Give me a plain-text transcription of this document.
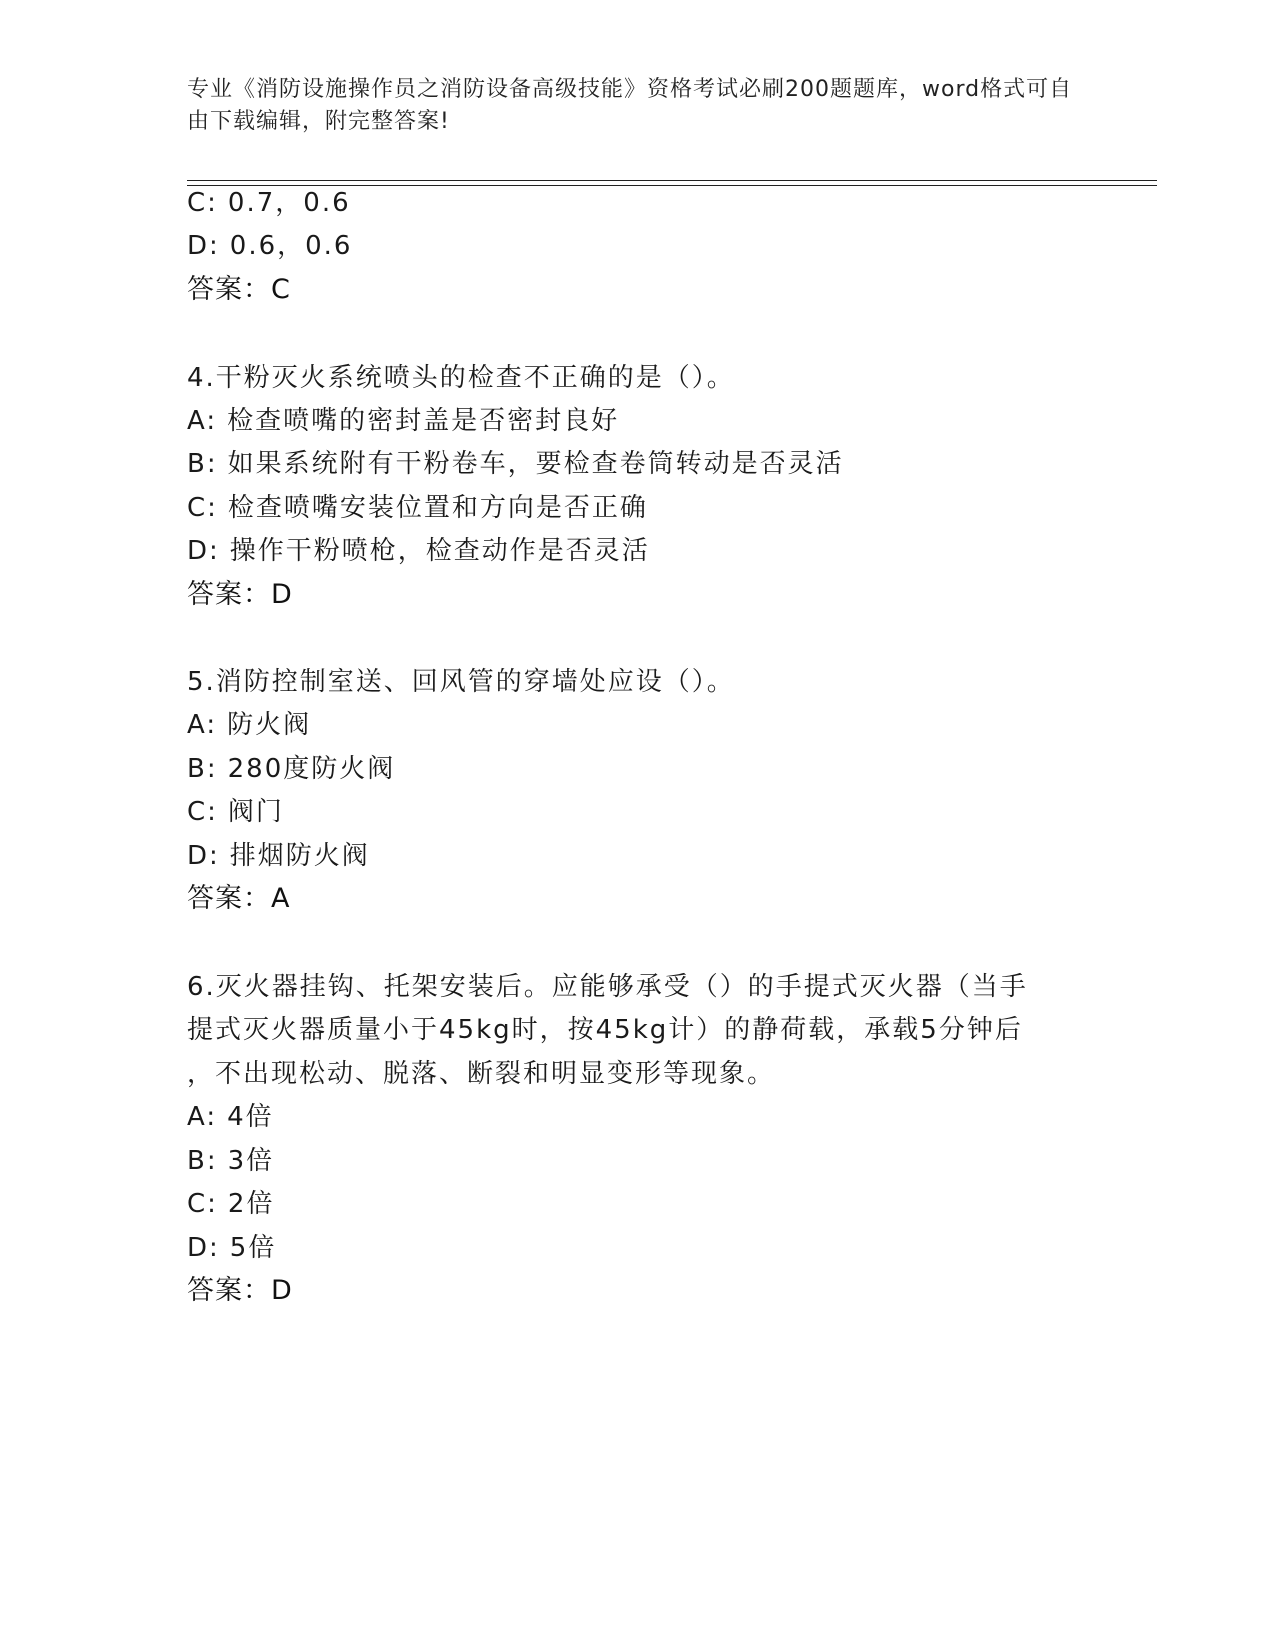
专业《消防设施操作员之消防设备高级技能》资格考试必刷200题题库，word格式可自由下载编辑，附完整答案!
C: 0.7，0.6
D: 0.6，0.6
答案：C
4.干粉灭火系统喷头的检查不正确的是（）。
A: 检查喷嘴的密封盖是否密封良好
B: 如果系统附有干粉卷车，要检查卷筒转动是否灵活
C: 检查喷嘴安装位置和方向是否正确
D: 操作干粉喷枪，检查动作是否灵活
答案：D
5.消防控制室送、回风管的穿墙处应设（）。
A: 防火阀
B: 280度防火阀
C: 阀门
D: 排烟防火阀
答案：A
6.灭火器挂钩、托架安装后。应能够承受（）的手提式灭火器（当手
提式灭火器质量小于45kg时，按45kg计）的静荷载，承载5分钟后
，不出现松动、脱落、断裂和明显变形等现象。
A: 4倍
B: 3倍
C: 2倍
D: 5倍
答案：D
